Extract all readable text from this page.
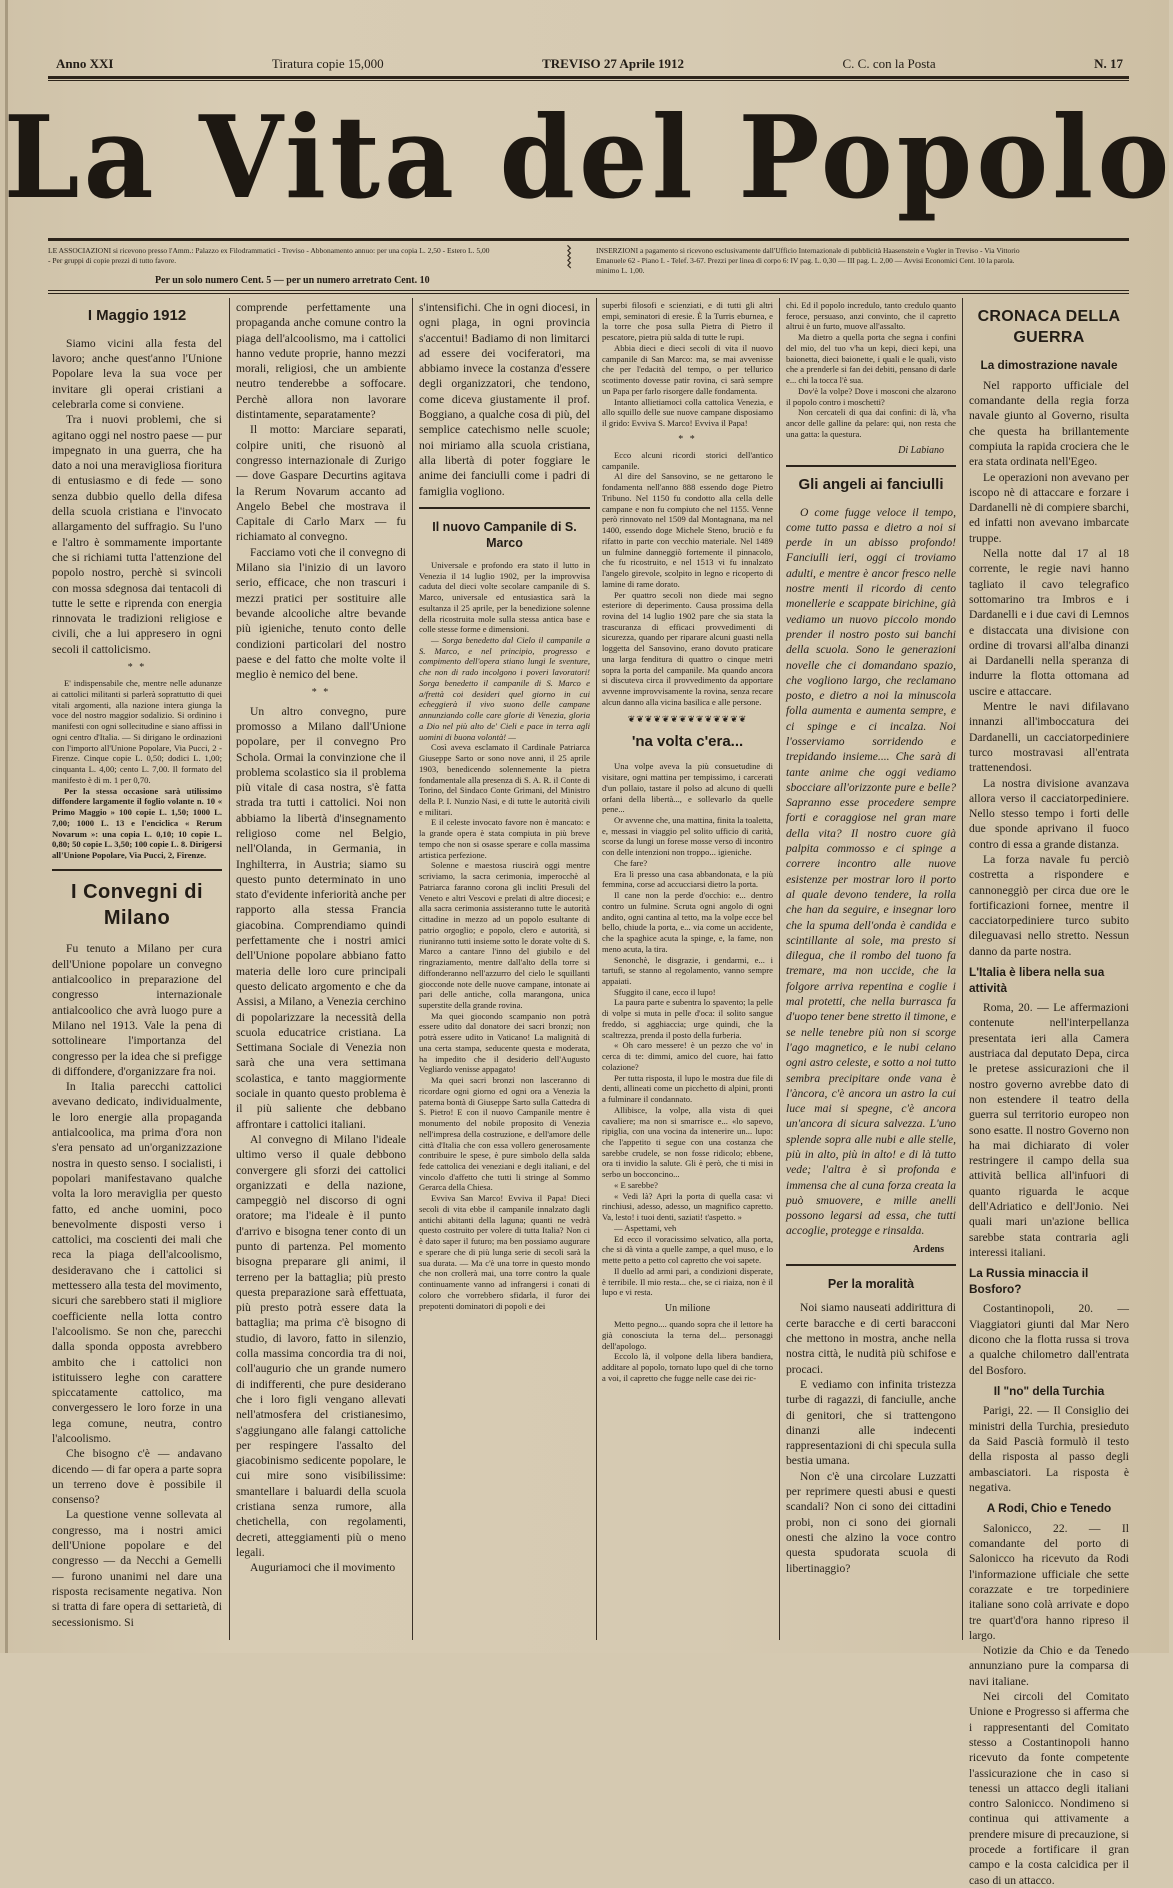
Anno XXI	Tiratura copie 15,000	TREVISO 27 Aprile 1912	C. C. con la Posta	N. 17
La Vita del Popolo
LE ASSOCIAZIONI si ricevono presso l'Amm.: Palazzo ex Filodrammatici - Treviso - Abbonamento annuo: per una copia L. 2,50 - Estero L. 5,00
- Per gruppi di copie prezzi di tutto favore.	⦚	INSERZIONI a pagamento si ricevono esclusivamente dall'Ufficio Internazionale di pubblicità Haasenstein e Vogler in Treviso - Via Vittorio
Emanuele 62 - Piano I. - Telef. 3-67. Prezzi per linea di corpo 6: IV pag. L. 0,30 — III pag. L. 2,00 — Avvisi Economici Cent. 10 la parola.
minimo L. 1,00.
Per un solo numero Cent. 5 — per un numero arretrato Cent. 10
I Maggio 1912

Siamo vicini alla festa del lavoro; anche quest'anno l'Unione Popolare leva la sua voce per invitare gli operai cristiani a celebrarla come si conviene.

Tra i nuovi problemi, che si agitano oggi nel nostro paese — pur impegnato in una guerra, che ha dato a noi una meravigliosa fioritura di entusiasmo e di fede — sono senza dubbio quello della difesa della scuola cristiana e l'invocato allargamento del suffragio. Su l'uno e l'altro è sommamente importante che si richiami tutta l'attenzione del popolo nostro, perchè si svincoli con mossa sdegnosa dai tentacoli di tutte le sette e riprenda con energia rinnovata le tradizioni religiose e civili, che a lui appresero in ogni secoli il cattolicismo.

* *

E' indispensabile che, mentre nelle adunanze ai cattolici militanti si parlerà soprattutto di quei vitali argomenti, alla nazione intera giunga la voce del nostro maggior sodalizio. Si ordinino i manifesti con ogni sollecitudine e siano affissi in ogni centro d'Italia. — Si dirigano le ordinazioni con l'importo all'Unione Popolare, Via Pucci, 2 - Firenze. Cinque copie L. 0,50; dodici L. 1,00; cinquanta L. 4,00; cento L. 7,00. Il formato del manifesto è di m. 1 per 0,70.

Per la stessa occasione sarà utilissimo diffondere largamente il foglio volante n. 10 « Primo Maggio » 100 copie L. 1,50; 1000 L. 7,00; 1000 L. 13 e l'enciclica « Rerum Novarum »: una copia L. 0,10; 10 copie L. 0,80; 50 copie L. 3,50; 100 copie L. 8. Dirigersi all'Unione Popolare, Via Pucci, 2, Firenze.

I Convegni di Milano

Fu tenuto a Milano per cura dell'Unione popolare un convegno antialcoolico in preparazione del congresso internazionale antialcoolico che avrà luogo pure a Milano nel 1913. Vale la pena di sottolineare l'importanza del congresso per la idea che si prefigge di diffondere, d'organizzare fra noi.

In Italia parecchi cattolici avevano dedicato, individualmente, le loro energie alla propaganda antialcoolica, ma prima d'ora non s'era pensato ad un'organizzazione nostra in questo senso. I socialisti, i popolari manifestavano qualche volta la loro meraviglia per questo fatto, ed anche uomini, poco benevolmente disposti verso i cattolici, ma coscienti dei mali che reca la piaga dell'alcoolismo, desideravano che i cattolici si mettessero alla testa del movimento, sicuri che sarebbero stati il migliore coefficiente nella lotta contro l'alcoolismo. Se non che, parecchi dalla sponda opposta avrebbero ambito che i cattolici non istituissero leghe con carattere spiccatamente cattolico, ma convergessero le loro forze in una lega comune, neutra, contro l'alcoolismo.

Che bisogno c'è — andavano dicendo — di far opera a parte sopra un terreno dove è possibile il consenso?

La questione venne sollevata al congresso, ma i nostri amici dell'Unione popolare e del congresso — da Necchi a Gemelli — furono unanimi nel dare una risposta recisamente negativa. Non si tratta di fare opera di settarietà, di secessionismo. Si

comprende perfettamente una propaganda anche comune contro la piaga dell'alcoolismo, ma i cattolici hanno vedute proprie, hanno mezzi morali, religiosi, che un ambiente neutro tenderebbe a soffocare. Perchè allora non lavorare distintamente, separatamente?

Il motto: Marciare separati, colpire uniti, che risuonò al congresso internazionale di Zurigo — dove Gaspare Decurtins agitava la Rerum Novarum accanto ad Angelo Bebel che mostrava il Capitale di Carlo Marx — fu richiamato al convegno.

Facciamo voti che il convegno di Milano sia l'inizio di un lavoro serio, efficace, che non trascuri i mezzi pratici per sostituire alle bevande alcooliche altre bevande più igieniche, tenuto conto delle condizioni particolari del nostro paese e del fatto che molte volte il meglio è nemico del bene.

* *

Un altro convegno, pure promosso a Milano dall'Unione popolare, per il convegno Pro Schola. Ormai la convinzione che il problema scolastico sia il problema più vitale di casa nostra, s'è fatta strada tra tutti i cattolici. Noi non abbiamo la libertà d'insegnamento religioso come nel Belgio, nell'Olanda, in Germania, in Inghilterra, in Austria; siamo su questo punto determinato in uno stato d'evidente inferiorità anche per rapporto alla stessa Francia giacobina. Comprendiamo quindi perfettamente che i nostri amici dell'Unione popolare abbiano fatto materia delle loro cure principali questo delicato argomento e che da Assisi, a Milano, a Venezia cerchino di popolarizzare la necessità della scuola educatrice cristiana. La Settimana Sociale di Venezia non sarà che una vera settimana scolastica, e tanto maggiormente sociale in quanto questo problema è il più saliente che debbano affrontare i cattolici italiani.

Al convegno di Milano l'ideale ultimo verso il quale debbono convergere gli sforzi dei cattolici organizzati e della nazione, campeggiò nel discorso di ogni oratore; ma l'ideale è il punto d'arrivo e bisogna tener conto di un punto di partenza. Pel momento bisogna preparare gli animi, il terreno per la battaglia; più presto questa preparazione sarà effettuata, più presto potrà essere data la battaglia; ma prima c'è bisogno di studio, di lavoro, fatto in silenzio, colla massima concordia tra di noi, coll'augurio che un grande numero di indifferenti, che pure desiderano che i loro figli vengano allevati nell'atmosfera del cristianesimo, s'aggiungano alle falangi cattoliche per respingere l'assalto del giacobinismo sedicente popolare, le cui mire sono visibilissime: smantellare i baluardi della scuola cristiana senza rumore, alla chetichella, con regolamenti, decreti, atteggiamenti più o meno legali.

Auguriamoci che il movimento

s'intensifichi. Che in ogni diocesi, in ogni plaga, in ogni provincia s'accentui! Badiamo di non limitarci ad essere dei vociferatori, ma abbiamo invece la costanza d'essere degli organizzatori, che tendono, come diceva giustamente il prof. Boggiano, a qualche cosa di più, del semplice catechismo nelle scuole; noi miriamo alla scuola cristiana, alla libertà di poter foggiare le anime dei fanciulli come i padri di famiglia vogliono.

Il nuovo Campanile di S. Marco

Universale e profondo era stato il lutto in Venezia il 14 luglio 1902, per la improvvisa caduta del dieci volte secolare campanile di S. Marco, universale ed entusiastica sarà la esultanza il 25 aprile, per la benedizione solenne della ricostruita mole sulla stessa antica base e colle stesse forme e dimensioni.

— Sorga benedetto dal Cielo il campanile a S. Marco, e nel principio, progresso e compimento dell'opera stiano lungi le sventure, che non di rado incolgono i poveri lavoratori! Sorga benedetto il campanile di S. Marco e a/frettà coi desideri quel giorno in cui echeggierà il vivo suono delle campane annunziando colle care glorie di Venezia, gloria a Dio nel più alto de' Cieli e pace in terra agli uomini di buona volontà! —

Così aveva esclamato il Cardinale Patriarca Giuseppe Sarto or sono nove anni, il 25 aprile 1903, benedicendo solennemente la pietra fondamentale alla presenza di S. A. R. il Conte di Torino, del Sindaco Conte Grimani, del Ministro della P. I. Nunzio Nasi, e di tutte le autorità civili e militari.

E il celeste invocato favore non è mancato: e la grande opera è stata compiuta in più breve tempo che non si osasse sperare e colla massima artistica perfezione.

Solenne e maestosa riuscirà oggi mentre scriviamo, la sacra cerimonia, imperocchè al Patriarca faranno corona gli incliti Presuli del Veneto e altri Vescovi e prelati di altre diocesi; e alla sacra cerimonia assisteranno tutte le autorità cittadine in mezzo ad un popolo esultante di patrio orgoglio; e popolo, clero e autorità, si riuniranno tutti insieme sotto le dorate volte di S. Marco a cantare l'inno del giubilo e del ringraziamento, mentre dall'alto della torre si diffonderanno nell'azzurro del cielo le squillanti giocconde note delle nuove campane, intonate ai pari delle antiche, colla marangona, unica superstite della grande rovina.

Ma quei giocondo scampanio non potrà essere udito dal donatore dei sacri bronzi; non potrà essere udito in Vaticano! La malignità di una certa stampa, seducente questa e moderata, ha impedito che il desiderio dell'Augusto Vegliardo venisse appagato!

Ma quei sacri bronzi non lasceranno di ricordare ogni giorno ed ogni ora a Venezia la paterna bontà di Giuseppe Sarto sulla Cattedra di S. Pietro! E con il nuovo Campanile mentre è monumento del nobile proposito di Venezia nell'impresa della costruzione, e dell'amore delle città d'Italia che con essa vollero generosamente contribuire le spese, è pure simbolo della salda fede cattolica dei veneziani e degli italiani, e del vincolo d'affetto che tutti li stringe al Sommo Gerarca della Chiesa.

Evviva San Marco! Evviva il Papa! Dieci secoli di vita ebbe il campanile innalzato dagli antichi abitanti della laguna; quanti ne vedrà questo costruito per volere di tutta Italia? Non ci è dato saper il futuro; ma ben possiamo augurare e sperare che di più lunga serie di secoli sarà la sua durata. — Ma c'è una torre in questo mondo che non crollerà mai, una torre contro la quale continuamente vanno ad infrangersi i conati di coloro che vorrebbero sfidarla, il furor dei prepotenti dominatori di popoli e dei

superbi filosofi e scienziati, e di tutti gli altri empi, seminatori di eresie. È la Turris eburnea, e la torre che posa sulla Pietra di Pietro il pescatore, pietra più salda di tutte le rupi.

Abbia dieci e dieci secoli di vita il nuovo campanile di San Marco: ma, se mai avvenisse che per l'edacità del tempo, o per tellurico scotimento dovesse patir rovina, ci sarà sempre un Papa per farlo risorgere dalle fondamenta.

Intanto allietiamoci colla cattolica Venezia, e allo squillo delle sue nuove campane disposiamo il grido: Evviva S. Marco! Evviva il Papa!

* *

Ecco alcuni ricordi storici dell'antico campanile.

Al dire del Sansovino, se ne gettarono le fondamenta nell'anno 888 essendo doge Pietro Tribuno. Nel 1150 fu condotto alla cella delle campane e non fu compiuto che nel 1155. Venne però rinnovato nel 1509 dal Montagnana, ma nel 1400, essendo doge Michele Steno, bruciò e fu rifatto in parte con vecchio materiale. Nel 1489 un fulmine danneggiò fortemente il pinnacolo, che fu ricostruito, e nel 1513 vi fu innalzato l'angelo girevole, scolpito in legno e ricoperto di lamine di rame dorato.

Per quattro secoli non diede mai segno esteriore di deperimento. Causa prossima della rovina del 14 luglio 1902 pare che sia stata la trascuranza di efficaci provvedimenti di sicurezza, quando per riparare alcuni guasti nella loggetta del Sansovino, erano dovuto praticare una larga fenditura di quattro o cinque metri sopra la porta del campanile. Ma quando ancora si discuteva circa il provvedimento da apportare avvenne improvvisamente la rovina, senza recare alcun danno alla vicina basilica e alle persone.

❦❦❦❦❦❦❦❦❦❦❦❦❦❦
'na volta c'era...

Una volpe aveva la più consuetudine di visitare, ogni mattina per tempissimo, i carcerati d'un pollaio, tastare il polso ad alcuno di quelli orfani della libertà..., e sollevarlo da quelle pene...

Or avvenne che, una mattina, finita la toaletta, e, messasi in viaggio pel solito ufficio di carità, scorse da lungi un forese mosse verso di incontro con delle intenzioni non troppo... igieniche.

Che fare?

Era lì presso una casa abbandonata, e la più femmina, corse ad accucciarsi dietro la porta.

Il cane non la perde d'occhio: e... dentro contro un fulmine. Scruta ogni angolo di ogni andito, ogni cantina al tetto, ma la volpe ecce bel bello, chiude la porta, e... via come un accidente, che la spaghice acuta la spinge, e, la fame, non meno acuta, la tira.

Senonchè, le disgrazie, i gendarmi, e... i tartufi, se stanno al regolamento, vanno sempre appaiati.

Sfuggito il cane, ecco il lupo!

La paura parte e subentra lo spavento; la pelle di volpe si muta in pelle d'oca: il solito sangue freddo, si agghiaccia; urge quindi, che la scaltrezza, prenda il posto della furberia.

« Oh caro messere! è un pezzo che vo' in cerca di te: dimmi, amico del cuore, hai fatto colazione?

Per tutta risposta, il lupo le mostra due file di denti, allineati come un picchetto di alpini, pronti a fulminare il condannato.

Allibisce, la volpe, alla vista di quei cavaliere; ma non si smarrisce e... «lo sapevo, ripiglia, con una vocina da intenerire un... lupo: che l'appetito ti segue con una costanza che sarebbe crudele, se non fosse ridicolo; ebbene, ora ti invidio la salute. Gli è però, che ti misi in serbo un bocconcino...

« E sarebbe?

« Vedi là? Apri la porta di quella casa: vi rinchiusi, adesso, adesso, un magnifico capretto. Va, lesto! i tuoi denti, saziati! t'aspetto. »

— Aspettami, veh

Ed ecco il voracissimo selvatico, alla porta, che si dà vinta a quelle zampe, a quel muso, e lo mette petto a petto col capretto che voi sapete.

Il duello ad armi pari, a condizioni disperate, è terribile. Il mio resta... che, se ci riaiza, non è il lupo e vi resta.

Un milione

Metto pegno.... quando sopra che il lettore ha già conosciuta la terna del... personaggi dell'apologo.

Eccolo là, il volpone della libera bandiera, additare al popolo, tornato lupo quel di che torno a voi, il capretto che fugge nelle case dei ric-

chi. Ed il popolo incredulo, tanto credulo quanto feroce, persuaso, anzi convinto, che il capretto altrui è un furto, muove all'assalto.

Ma dietro a quella porta che segna i confini del mio, del tuo v'ha un kepi, dieci kepi, una baionetta, dieci baionette, i quali e le quali, visto che a prenderle si fan dei debiti, pensano di darle e... chi la tocca l'è sua.

Dov'è la volpe? Dove i mosconi che alzarono il popolo contro i moschetti?

Non cercateli di qua dai confini: di là, v'ha ancor delle galline da pelare: qui, non resta che una gatta: la questura.

Di Labiano
Gli angeli ai fanciulli

O come fugge veloce il tempo, come tutto passa e dietro a noi si perde in un abisso profondo! Fanciulli ieri, oggi ci troviamo adulti, e mentre è ancor fresco nelle nostre menti il ricordo di cento monellerie e scappate birichine, già vediamo un nuovo piccolo mondo prender il nostro posto sui banchi della scuola. Sono le generazioni novelle che ci domandano spazio, che vogliono largo, che reclamano posto, e dietro a noi la minuscola folla aumenta e aumenta sempre, e ci spinge e ci incalza. Noi l'osserviamo sorridendo e trepidando insieme.... Che sarà di tante anime che oggi vediamo sbocciare all'orizzonte pure e belle? Sapranno esse procedere sempre forti e coraggiose nel gran mare della vita? Il nostro cuore già palpita commosso e ci spinge a correre incontro alle nuove esistenze per mostrar loro il porto al quale devono tendere, la rolla che han da seguire, e insegnar loro che la spuma dell'onda è candida e scintillante al sole, ma presto si dilegua, che il rombo del tuono fa tremare, ma non uccide, che la folgore arriva repentina e coglie i mal protetti, che nella burrasca fa d'uopo tener bene stretto il timone, e se nelle tenebre più non si scorge l'ago magnetico, e le nubi celano ogni astro celeste, e sotto a noi tutto sembra precipitare onde vana è l'àncora, c'è ancora un astro la cui luce mai si spegne, c'è ancora un'ancora di sicura salvezza. L'uno splende sopra alle nubi e alle stelle, più in alto, più in alto! e di là tutto vede; l'altra è sì profonda e immensa che al cuna forza creata la può smuovere, e mille anelli possono legarsi ad essa, che tutti accoglie, protegge e rinsalda.

Ardens
Per la moralità

Noi siamo nauseati addirittura di certe baracche e di certi baracconi che mettono in mostra, anche nella nostra città, le nudità più schifose e procaci.

E vediamo con infinita tristezza turbe di ragazzi, di fanciulle, anche di genitori, che si trattengono dinanzi alle indecenti rappresentazioni di chi specula sulla bestia umana.

Non c'è una circolare Luzzatti per reprimere questi abusi e questi scandali? Non ci sono dei cittadini probi, non ci sono dei giornali onesti che alzino la voce contro questa spudorata scuola di libertinaggio?

CRONACA DELLA GUERRA
La dimostrazione navale

Nel rapporto ufficiale del comandante della regia forza navale giunto al Governo, risulta che questa ha brillantemente compiuta la rapida crociera che le era stata ordinata nell'Egeo.

Le operazioni non avevano per iscopo nè di attaccare e forzare i Dardanelli nè di compiere sbarchi, ed infatti non avevano imbarcate truppe.

Nella notte dal 17 al 18 corrente, le regie navi hanno tagliato il cavo telegrafico sottomarino tra Imbros e i Dardanelli e i due cavi di Lemnos e distaccata una divisione con ordine di trovarsi all'alba dinanzi ai Dardanelli nella speranza di indurre la flotta ottomana ad uscire e attaccare.

Mentre le navi difilavano innanzi all'imboccatura dei Dardanelli, un cacciatorpediniere turco mostravasi all'entrata trattenendosi.

La nostra divisione avanzava allora verso il cacciatorpediniere. Nello stesso tempo i forti delle due sponde aprivano il fuoco contro di essa a grande distanza.

La forza navale fu perciò costretta a rispondere e cannoneggiò per circa due ore le fortificazioni fornee, mentre il cacciatorpediniere turco subito dileguavasi nello stretto. Nessun danno da parte nostra.

L'Italia è libera nella sua attività

Roma, 20. — Le affermazioni contenute nell'interpellanza presentata ieri alla Camera austriaca dal deputato Depa, circa le pretese assicurazioni che il nostro governo avrebbe dato di non estendere il teatro della guerra sul territorio europeo non sono esatte. Il nostro Governo non ha mai dichiarato di voler restringere il campo della sua attività bellica all'infuori di quanto riguarda le acque dell'Adriatico e dell'Jonio. Nei quali mari un'azione bellica sarebbe stata contraria agli interessi italiani.

La Russia minaccia il Bosforo?

Costantinopoli, 20. — Viaggiatori giunti dal Mar Nero dicono che la flotta russa si trova a qualche chilometro dall'entrata del Bosforo.

Il "no" della Turchia

Parigi, 22. — Il Consiglio dei ministri della Turchia, presieduto da Said Pascià formulò il testo della risposta al passo degli ambasciatori. La risposta è negativa.

A Rodi, Chio e Tenedo

Salonicco, 22. — Il comandante del porto di Salonicco ha ricevuto da Rodi l'informazione ufficiale che sette corazzate e tre torpediniere italiane sono colà arrivate e dopo tre quart'd'ora hanno ripreso il largo.

Notizie da Chio e da Tenedo annunziano pure la comparsa di navi italiane.

Nei circoli del Comitato Unione e Progresso si afferma che i rappresentanti del Comitato stesso a Costantinopoli hanno ricevuto da fonte competente l'assicurazione che in caso si tenessi un attacco degli italiani contro Salonicco. Nondimeno si continua qui attivamente a prendere misure di precauzione, si procede a fortificare il gran campo e la costa calcidica per il caso di un attacco.
